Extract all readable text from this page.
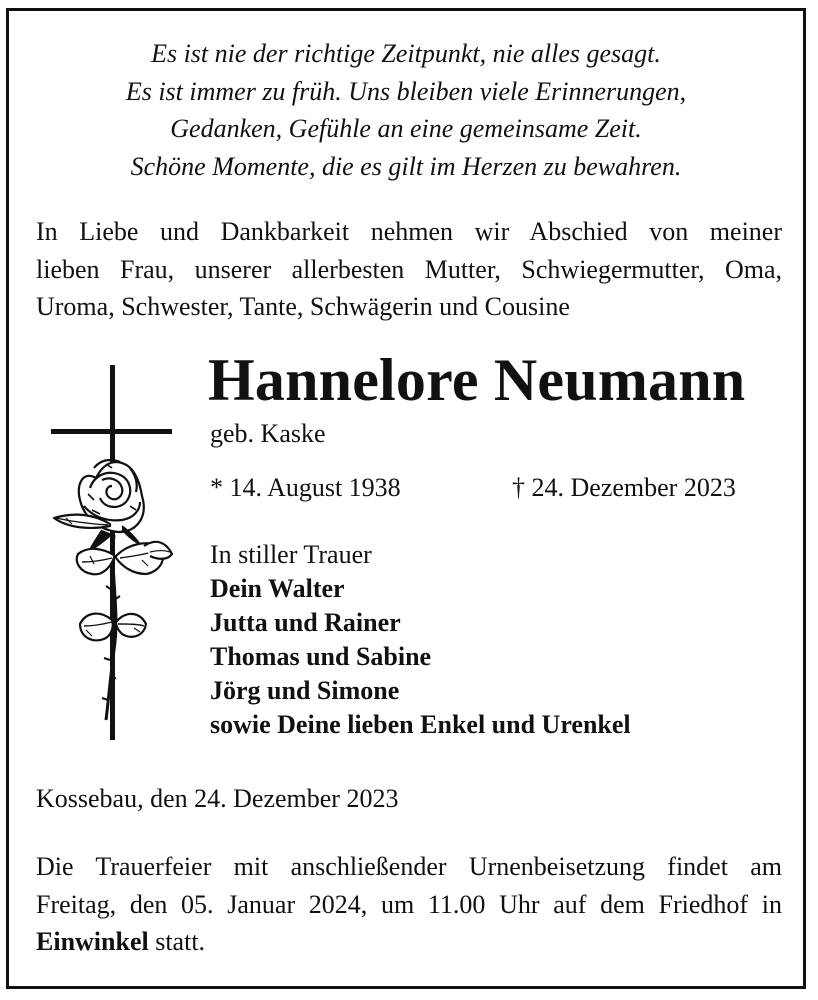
Es ist nie der richtige Zeitpunkt, nie alles gesagt.
Es ist immer zu früh. Uns bleiben viele Erinnerungen,
Gedanken, Gefühle an eine gemeinsame Zeit.
Schöne Momente, die es gilt im Herzen zu bewahren.
In Liebe und Dankbarkeit nehmen wir Abschied von meiner
lieben Frau, unserer allerbesten Mutter, Schwiegermutter, Oma,
Uroma, Schwester, Tante, Schwägerin und Cousine
Hannelore Neumann
geb. Kaske
* 14. August 1938	† 24. Dezember 2023
In stiller Trauer
Dein Walter
Jutta und Rainer
Thomas und Sabine
Jörg und Simone
sowie Deine lieben Enkel und Urenkel
Kossebau, den 24. Dezember 2023
Die Trauerfeier mit anschließender Urnenbeisetzung findet am
Freitag, den 05. Januar 2024, um 11.00 Uhr auf dem Friedhof in
Einwinkel statt.
